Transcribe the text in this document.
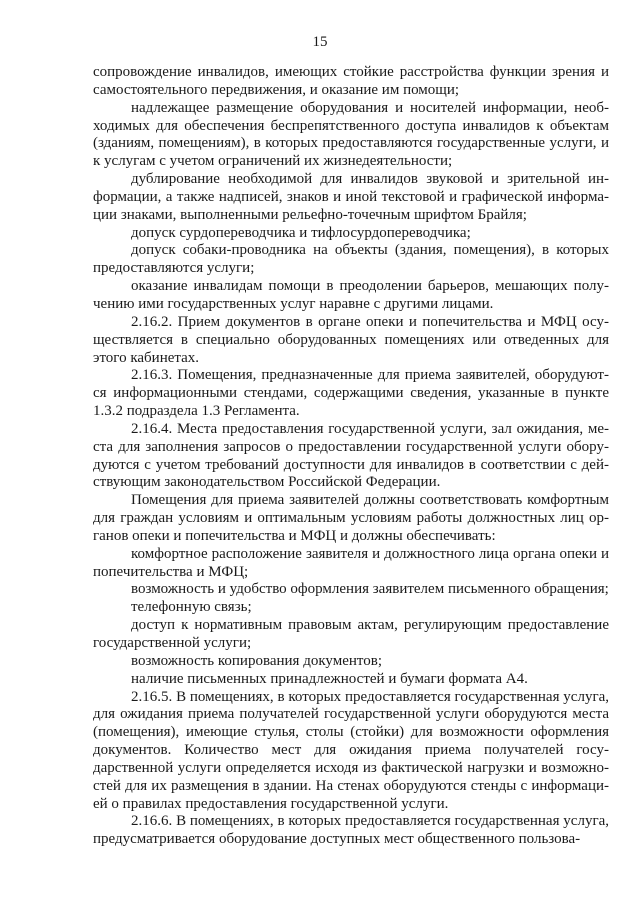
15

сопровождение инвалидов, имеющих стойкие расстройства функции зрения и самостоятельного передвижения, и оказание им помощи;

надлежащее размещение оборудования и носителей информации, необходимых для обеспечения беспрепятственного доступа инвалидов к объектам (зданиям, помещениям), в которых предоставляются государственные услуги, и к услугам с учетом ограничений их жизнедеятельности;

дублирование необходимой для инвалидов звуковой и зрительной информации, а также надписей, знаков и иной текстовой и графической информации знаками, выполненными рельефно-точечным шрифтом Брайля;

допуск сурдопереводчика и тифлосурдопереводчика;

допуск собаки-проводника на объекты (здания, помещения), в которых предоставляются услуги;

оказание инвалидам помощи в преодолении барьеров, мешающих получению ими государственных услуг наравне с другими лицами.

2.16.2. Прием документов в органе опеки и попечительства и МФЦ осуществляется в специально оборудованных помещениях или отведенных для этого кабинетах.

2.16.3. Помещения, предназначенные для приема заявителей, оборудуются информационными стендами, содержащими сведения, указанные в пункте 1.3.2 подраздела 1.3 Регламента.

2.16.4. Места предоставления государственной услуги, зал ожидания, места для заполнения запросов о предоставлении государственной услуги оборудуются с учетом требований доступности для инвалидов в соответствии с действующим законодательством Российской Федерации.

Помещения для приема заявителей должны соответствовать комфортным для граждан условиям и оптимальным условиям работы должностных лиц органов опеки и попечительства и МФЦ и должны обеспечивать:

комфортное расположение заявителя и должностного лица органа опеки и попечительства и МФЦ;

возможность и удобство оформления заявителем письменного обращения;

телефонную связь;

доступ к нормативным правовым актам, регулирующим предоставление государственной услуги;

возможность копирования документов;

наличие письменных принадлежностей и бумаги формата А4.

2.16.5. В помещениях, в которых предоставляется государственная услуга, для ожидания приема получателей государственной услуги оборудуются места (помещения), имеющие стулья, столы (стойки) для возможности оформления документов. Количество мест для ожидания приема получателей государственной услуги определяется исходя из фактической нагрузки и возможностей для их размещения в здании. На стенах оборудуются стенды с информацией о правилах предоставления государственной услуги.

2.16.6. В помещениях, в которых предоставляется государственная услуга, предусматривается оборудование доступных мест общественного пользова-
